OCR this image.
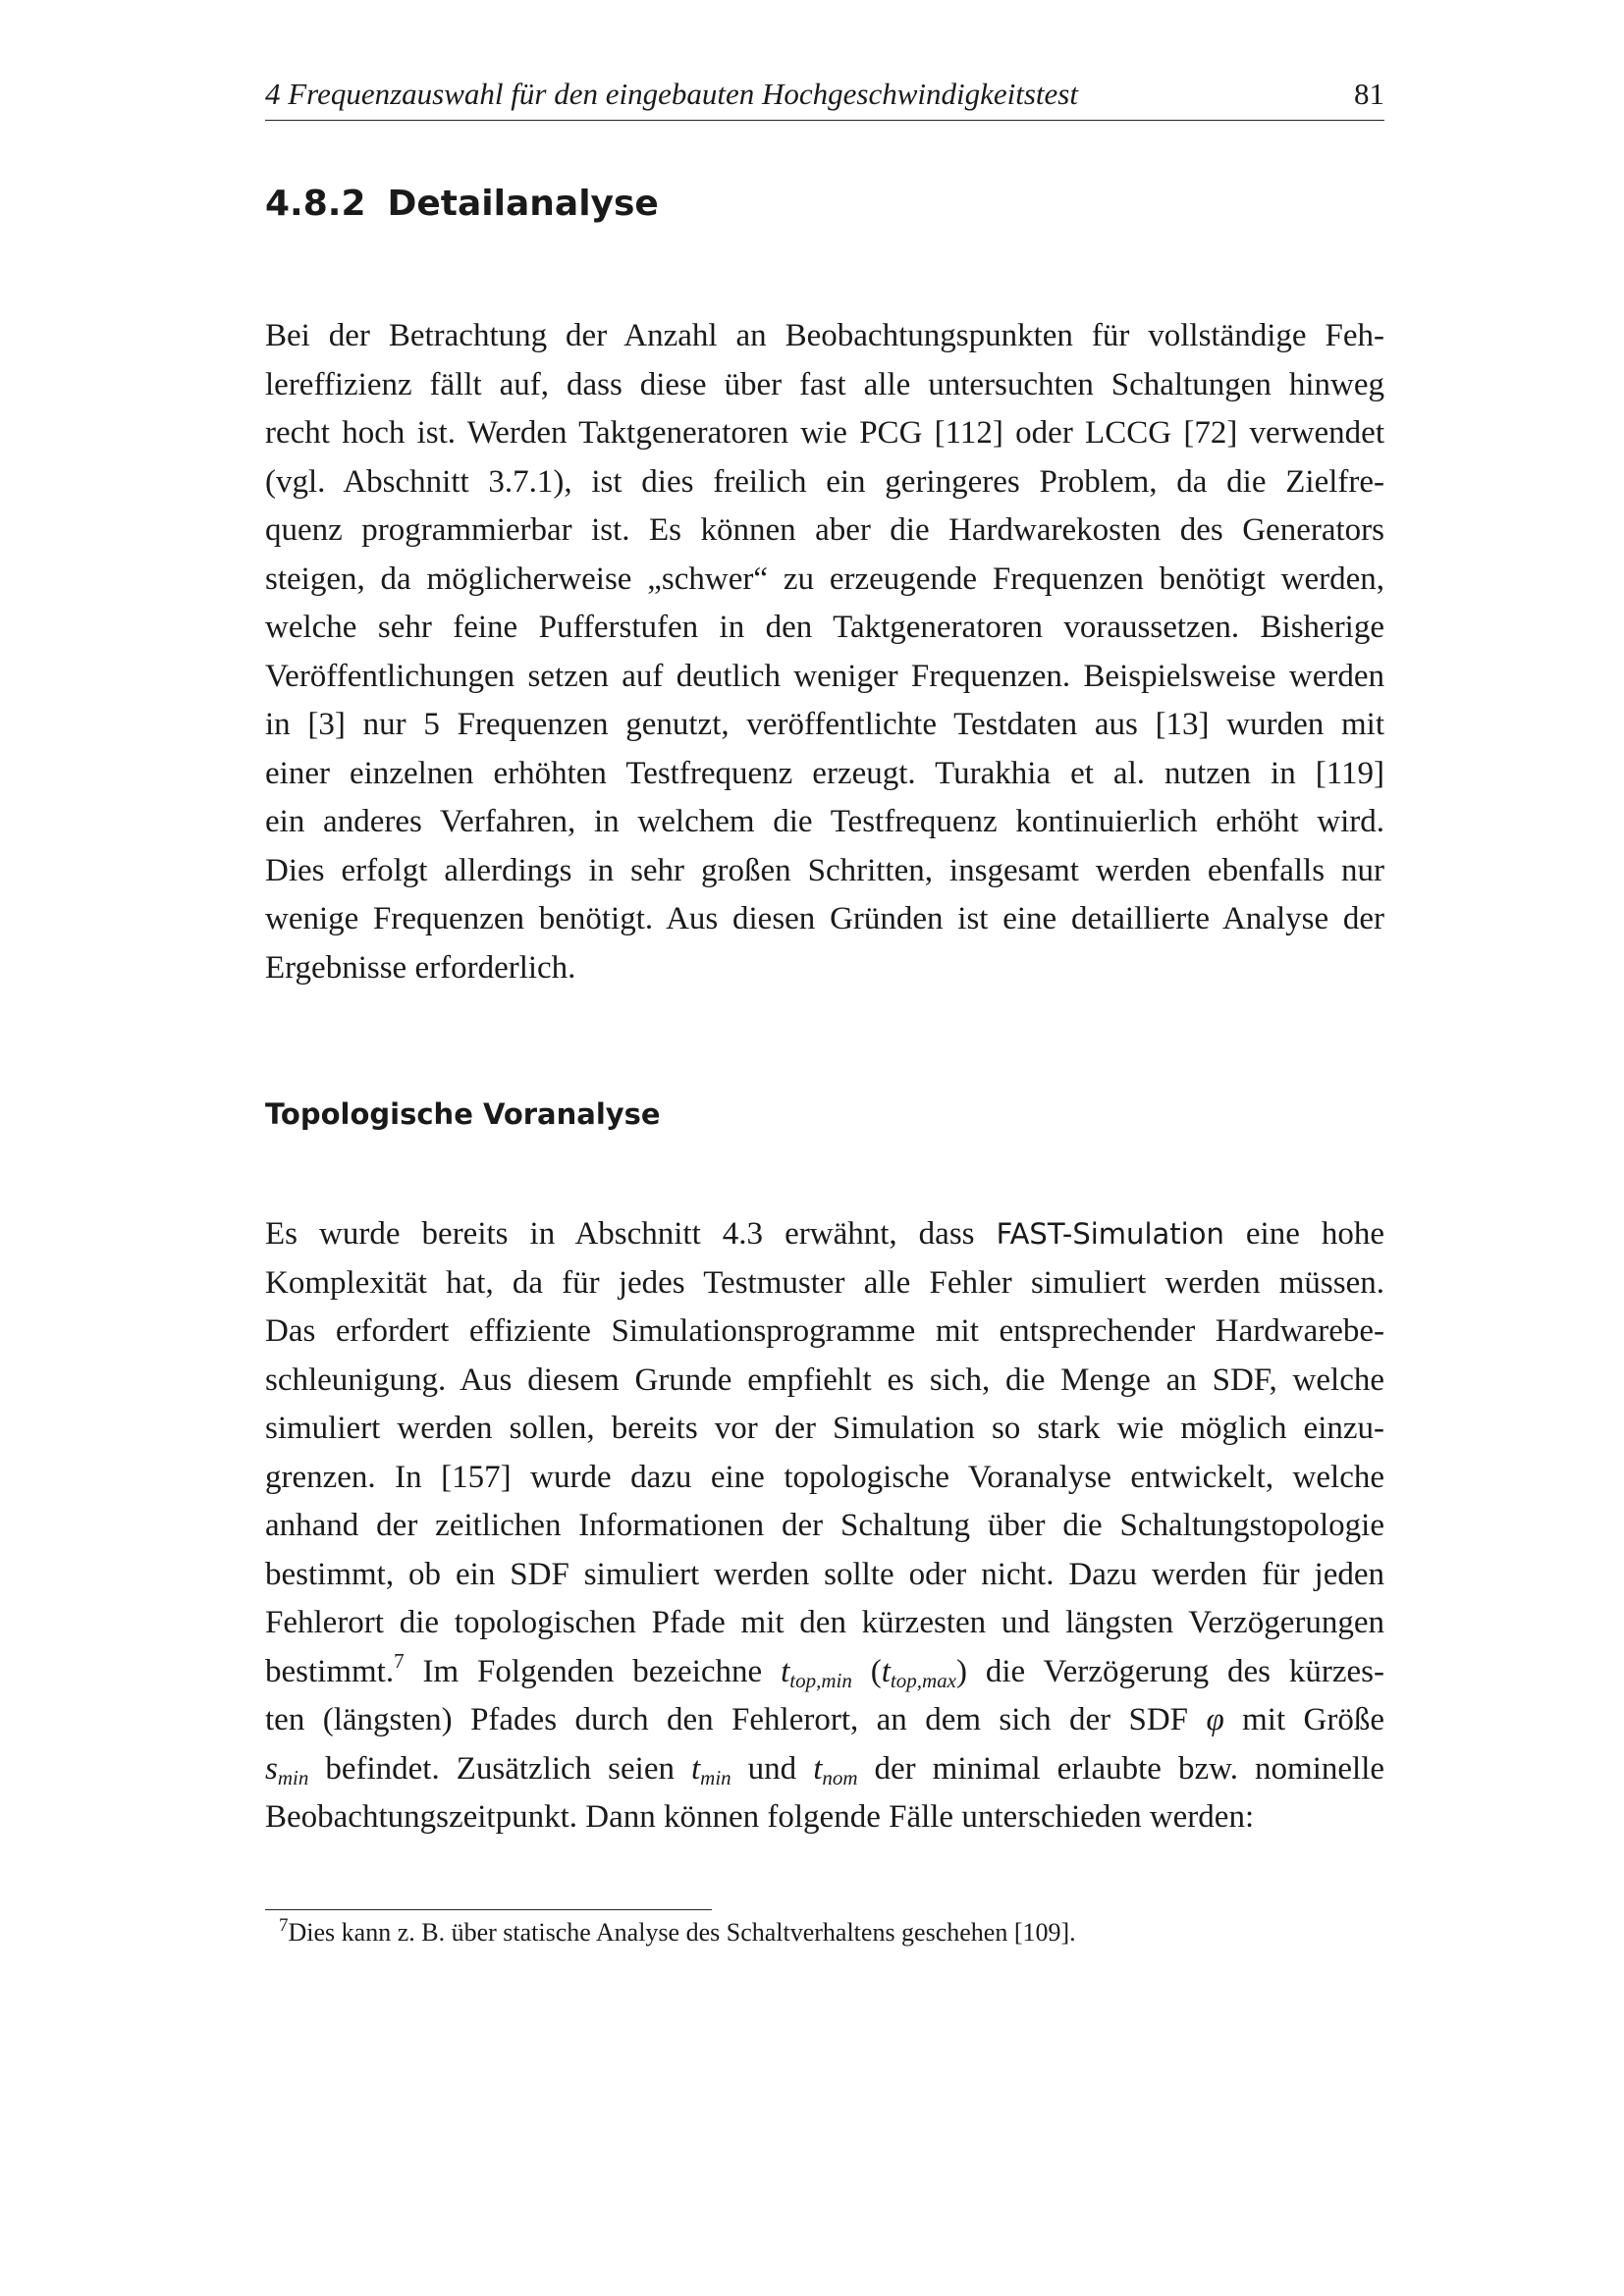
4 Frequenzauswahl für den eingebauten Hochgeschwindigkeitstest	81
4.8.2 Detailanalyse

Bei der Betrachtung der Anzahl an Beobachtungspunkten für vollständige Feh-
lereffizienz fällt auf, dass diese über fast alle untersuchten Schaltungen hinweg
recht hoch ist. Werden Taktgeneratoren wie PCG [112] oder LCCG [72] verwendet
(vgl. Abschnitt 3.7.1), ist dies freilich ein geringeres Problem, da die Zielfre-
quenz programmierbar ist. Es können aber die Hardwarekosten des Generators
steigen, da möglicherweise „schwer“ zu erzeugende Frequenzen benötigt werden,
welche sehr feine Pufferstufen in den Taktgeneratoren voraussetzen. Bisherige
Veröffentlichungen setzen auf deutlich weniger Frequenzen. Beispielsweise werden
in [3] nur 5 Frequenzen genutzt, veröffentlichte Testdaten aus [13] wurden mit
einer einzelnen erhöhten Testfrequenz erzeugt. Turakhia et al. nutzen in [119]
ein anderes Verfahren, in welchem die Testfrequenz kontinuierlich erhöht wird.
Dies erfolgt allerdings in sehr großen Schritten, insgesamt werden ebenfalls nur
wenige Frequenzen benötigt. Aus diesen Gründen ist eine detaillierte Analyse der
Ergebnisse erforderlich.

Topologische Voranalyse

Es wurde bereits in Abschnitt 4.3 erwähnt, dass FAST-Simulation eine hohe
Komplexität hat, da für jedes Testmuster alle Fehler simuliert werden müssen.
Das erfordert effiziente Simulationsprogramme mit entsprechender Hardwarebe-
schleunigung. Aus diesem Grunde empfiehlt es sich, die Menge an SDF, welche
simuliert werden sollen, bereits vor der Simulation so stark wie möglich einzu-
grenzen. In [157] wurde dazu eine topologische Voranalyse entwickelt, welche
anhand der zeitlichen Informationen der Schaltung über die Schaltungstopologie
bestimmt, ob ein SDF simuliert werden sollte oder nicht. Dazu werden für jeden
Fehlerort die topologischen Pfade mit den kürzesten und längsten Verzögerungen
bestimmt.$^7$ Im Folgenden bezeichne $t_{top,min}$ $(t_{top,max})$ die Verzögerung des kürzes-
ten (längsten) Pfades durch den Fehlerort, an dem sich der SDF φ mit Größe
$s_{min}$ befindet. Zusätzlich seien $t_{min}$ und $t_{nom}$ der minimal erlaubte bzw. nominelle
Beobachtungszeitpunkt. Dann können folgende Fälle unterschieden werden:

$^7$Dies kann z. B. über statische Analyse des Schaltverhaltens geschehen [109].
